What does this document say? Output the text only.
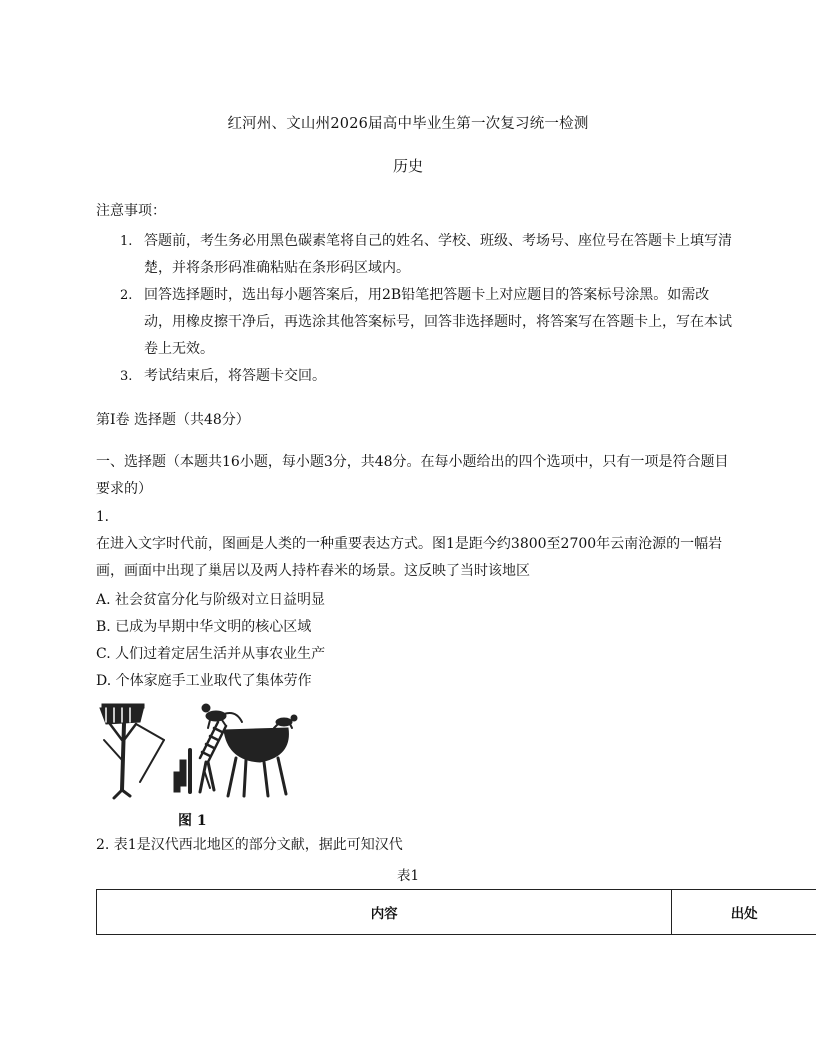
红河州、文山州2026届高中毕业生第一次复习统一检测
历史
注意事项：
1. 答题前，考生务必用黑色碳素笔将自己的姓名、学校、班级、考场号、座位号在答题卡上填写清楚，并将条形码准确粘贴在条形码区域内。
2. 回答选择题时，选出每小题答案后，用2B铅笔把答题卡上对应题目的答案标号涂黑。如需改动，用橡皮擦干净后，再选涂其他答案标号，回答非选择题时，将答案写在答题卡上，写在本试卷上无效。
3. 考试结束后，将答题卡交回。
第Ⅰ卷 选择题（共48分）
一、选择题（本题共16小题，每小题3分，共48分。在每小题给出的四个选项中，只有一项是符合题目要求的）
1.
在进入文字时代前，图画是人类的一种重要表达方式。图1是距今约3800至2700年云南沧源的一幅岩画，画面中出现了巢居以及两人持杵舂米的场景。这反映了当时该地区
A. 社会贫富分化与阶级对立日益明显
B. 已成为早期中华文明的核心区域
C. 人们过着定居生活并从事农业生产
D. 个体家庭手工业取代了集体劳作
图 1
2. 表1是汉代西北地区的部分文献，据此可知汉代
表1
内容	出处
